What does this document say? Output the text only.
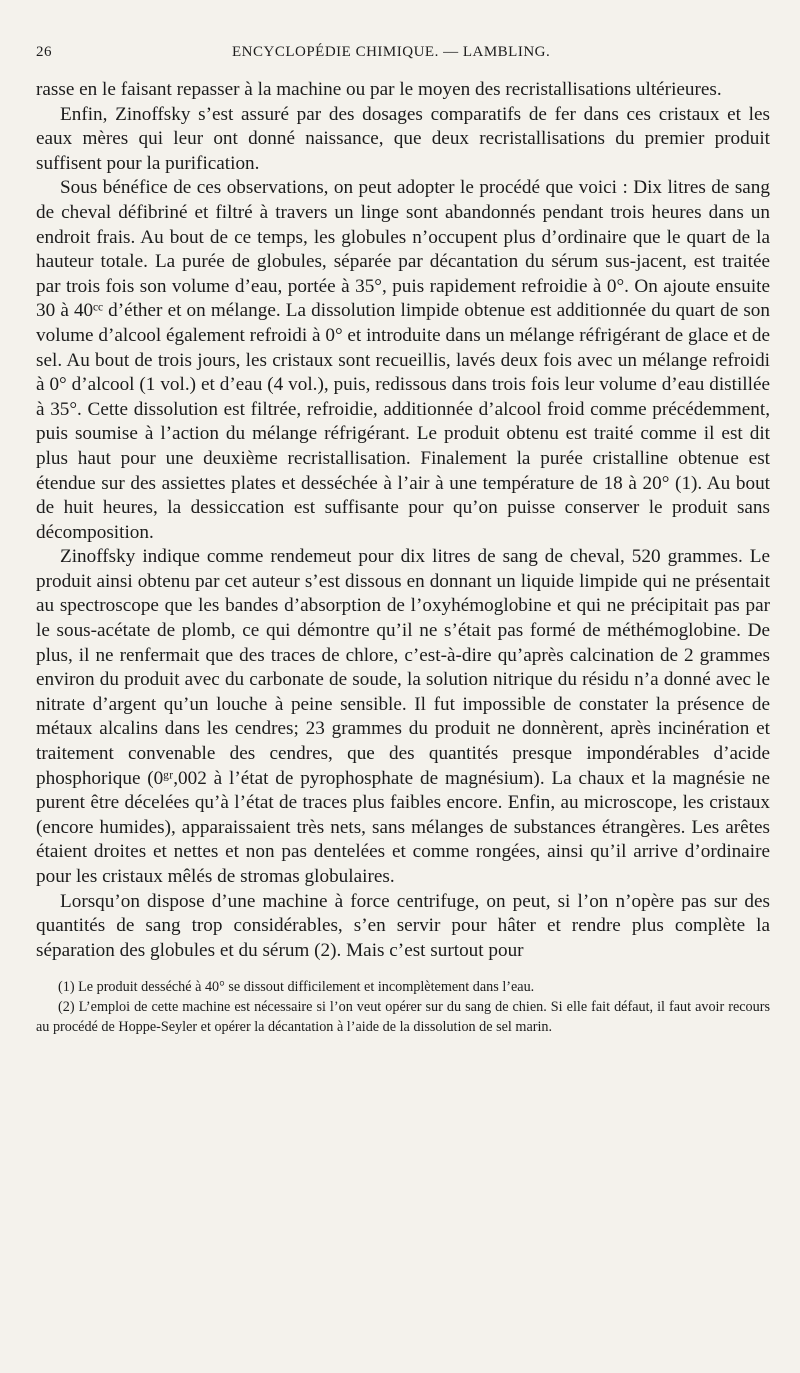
26	ENCYCLOPÉDIE CHIMIQUE. — LAMBLING.

rasse en le faisant repasser à la machine ou par le moyen des recristallisations ultérieures.

Enfin, Zinoffsky s’est assuré par des dosages comparatifs de fer dans ces cristaux et les eaux mères qui leur ont donné naissance, que deux recristallisations du premier produit suffisent pour la purification.

Sous bénéfice de ces observations, on peut adopter le procédé que voici : Dix litres de sang de cheval défibriné et filtré à travers un linge sont abandonnés pendant trois heures dans un endroit frais. Au bout de ce temps, les globules n’occupent plus d’ordinaire que le quart de la hauteur totale. La purée de globules, séparée par décantation du sérum sus-jacent, est traitée par trois fois son volume d’eau, portée à 35°, puis rapidement refroidie à 0°. On ajoute ensuite 30 à 40ᶜᶜ d’éther et on mélange. La dissolution limpide obtenue est additionnée du quart de son volume d’alcool également refroidi à 0° et introduite dans un mélange réfrigérant de glace et de sel. Au bout de trois jours, les cristaux sont recueillis, lavés deux fois avec un mélange refroidi à 0° d’alcool (1 vol.) et d’eau (4 vol.), puis, redissous dans trois fois leur volume d’eau distillée à 35°. Cette dissolution est filtrée, refroidie, additionnée d’alcool froid comme précédemment, puis soumise à l’action du mélange réfrigérant. Le produit obtenu est traité comme il est dit plus haut pour une deuxième recristallisation. Finalement la purée cristalline obtenue est étendue sur des assiettes plates et desséchée à l’air à une température de 18 à 20° (1). Au bout de huit heures, la dessiccation est suffisante pour qu’on puisse conserver le produit sans décomposition.

Zinoffsky indique comme rendemeut pour dix litres de sang de cheval, 520 grammes. Le produit ainsi obtenu par cet auteur s’est dissous en donnant un liquide limpide qui ne présentait au spectroscope que les bandes d’absorption de l’oxyhémoglobine et qui ne précipitait pas par le sous-acétate de plomb, ce qui démontre qu’il ne s’était pas formé de méthémoglobine. De plus, il ne renfermait que des traces de chlore, c’est-à-dire qu’après calcination de 2 grammes environ du produit avec du carbonate de soude, la solution nitrique du résidu n’a donné avec le nitrate d’argent qu’un louche à peine sensible. Il fut impossible de constater la présence de métaux alcalins dans les cendres; 23 grammes du produit ne donnèrent, après incinération et traitement convenable des cendres, que des quantités presque impondérables d’acide phosphorique (0ᵍʳ,002 à l’état de pyrophosphate de magnésium). La chaux et la magnésie ne purent être décelées qu’à l’état de traces plus faibles encore. Enfin, au microscope, les cristaux (encore humides), apparaissaient très nets, sans mélanges de substances étrangères. Les arêtes étaient droites et nettes et non pas dentelées et comme rongées, ainsi qu’il arrive d’ordinaire pour les cristaux mêlés de stromas globulaires.

Lorsqu’on dispose d’une machine à force centrifuge, on peut, si l’on n’opère pas sur des quantités de sang trop considérables, s’en servir pour hâter et rendre plus complète la séparation des globules et du sérum (2). Mais c’est surtout pour

(1) Le produit desséché à 40° se dissout difficilement et incomplètement dans l’eau.

(2) L’emploi de cette machine est nécessaire si l’on veut opérer sur du sang de chien. Si elle fait défaut, il faut avoir recours au procédé de Hoppe-Seyler et opérer la décantation à l’aide de la dissolution de sel marin.
